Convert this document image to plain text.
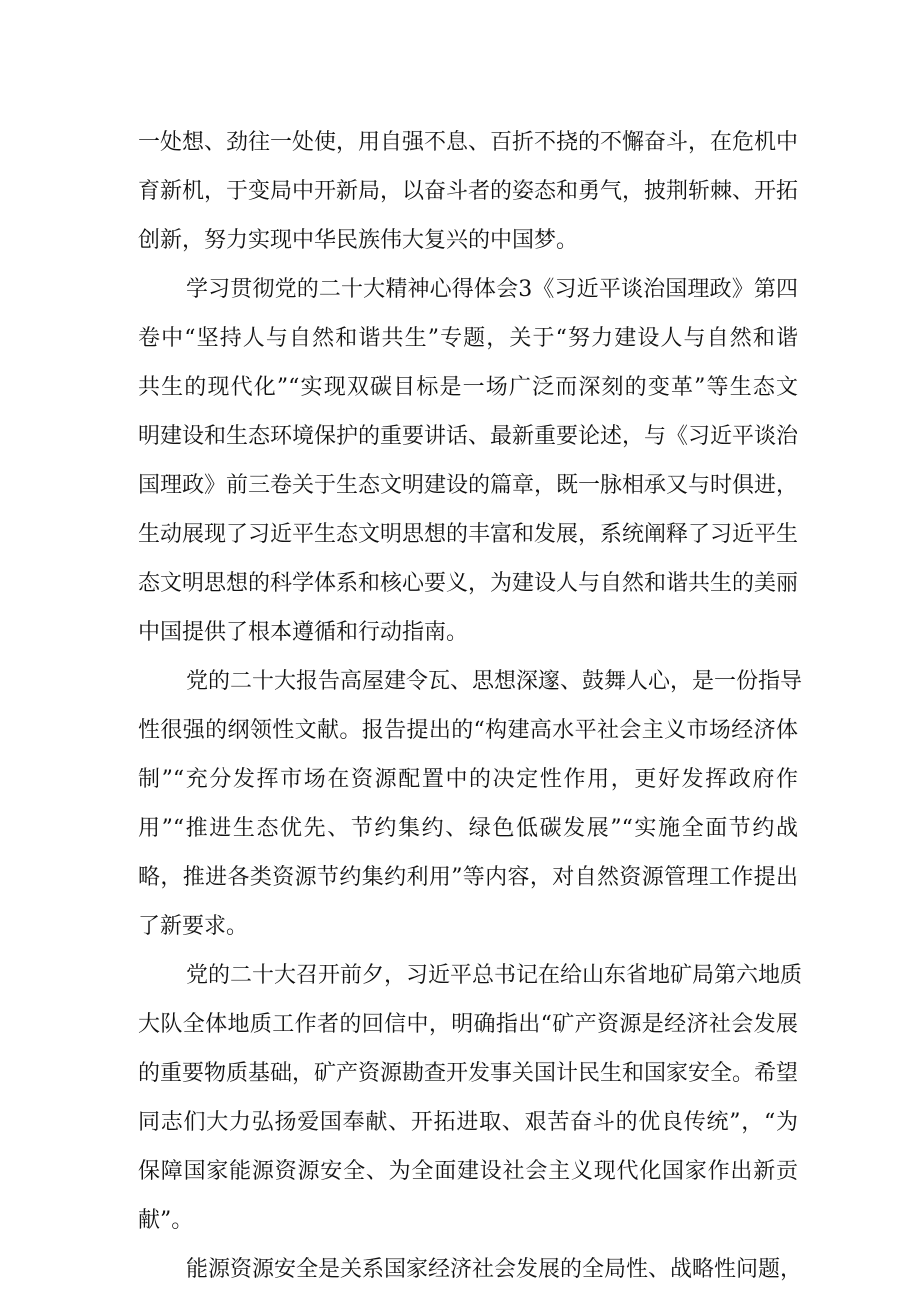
一处想、劲往一处使，用自强不息、百折不挠的不懈奋斗，在危机中
育新机，于变局中开新局，以奋斗者的姿态和勇气，披荆斩棘、开拓
创新，努力实现中华民族伟大复兴的中国梦。
学习贯彻党的二十大精神心得体会3《习近平谈治国理政》第四
卷中“坚持人与自然和谐共生”专题，关于“努力建设人与自然和谐
共生的现代化”“实现双碳目标是一场广泛而深刻的变革”等生态文
明建设和生态环境保护的重要讲话、最新重要论述，与《习近平谈治
国理政》前三卷关于生态文明建设的篇章，既一脉相承又与时俱进，
生动展现了习近平生态文明思想的丰富和发展，系统阐释了习近平生
态文明思想的科学体系和核心要义，为建设人与自然和谐共生的美丽
中国提供了根本遵循和行动指南。
党的二十大报告高屋建令瓦、思想深邃、鼓舞人心，是一份指导
性很强的纲领性文献。报告提出的“构建高水平社会主义市场经济体
制”“充分发挥市场在资源配置中的决定性作用，更好发挥政府作
用”“推进生态优先、节约集约、绿色低碳发展”“实施全面节约战
略，推进各类资源节约集约利用”等内容，对自然资源管理工作提出
了新要求。
党的二十大召开前夕，习近平总书记在给山东省地矿局第六地质
大队全体地质工作者的回信中，明确指出“矿产资源是经济社会发展
的重要物质基础，矿产资源勘查开发事关国计民生和国家安全。希望
同志们大力弘扬爱国奉献、开拓进取、艰苦奋斗的优良传统”，“为
保障国家能源资源安全、为全面建设社会主义现代化国家作出新贡
献”。
能源资源安全是关系国家经济社会发展的全局性、战略性问题，
